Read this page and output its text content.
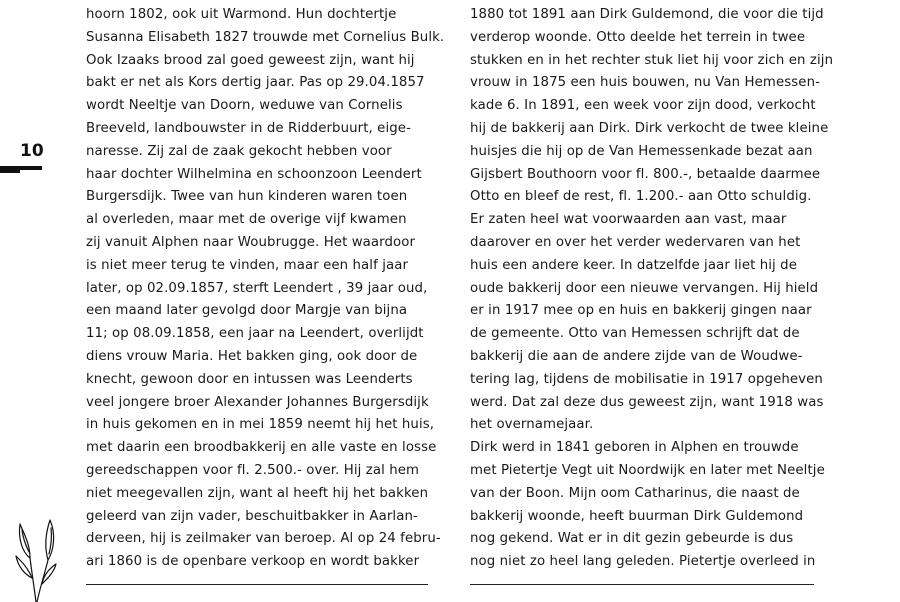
10
hoorn 1802, ook uit Warmond. Hun dochtertje
Susanna Elisabeth 1827 trouwde met Cornelius Bulk.
Ook Izaaks brood zal goed geweest zijn, want hij
bakt er net als Kors dertig jaar. Pas op 29.04.1857
wordt Neeltje van Doorn, weduwe van Cornelis
Breeveld, landbouwster in de Ridderbuurt, eige-
naresse. Zij zal de zaak gekocht hebben voor
haar dochter Wilhelmina en schoonzoon Leendert
Burgersdijk. Twee van hun kinderen waren toen
al overleden, maar met de overige vijf kwamen
zij vanuit Alphen naar Woubrugge. Het waardoor
is niet meer terug te vinden, maar een half jaar
later, op 02.09.1857, sterft Leendert , 39 jaar oud,
een maand later gevolgd door Margje van bijna
11; op 08.09.1858, een jaar na Leendert, overlijdt
diens vrouw Maria. Het bakken ging, ook door de
knecht, gewoon door en intussen was Leenderts
veel jongere broer Alexander Johannes Burgersdijk
in huis gekomen en in mei 1859 neemt hij het huis,
met daarin een broodbakkerij en alle vaste en losse
gereedschappen voor fl. 2.500.- over. Hij zal hem
niet meegevallen zijn, want al heeft hij het bakken
geleerd van zijn vader, beschuitbakker in Aarlan-
derveen, hij is zeilmaker van beroep. Al op 24 febru-
ari 1860 is de openbare verkoop en wordt bakker
1880 tot 1891 aan Dirk Guldemond, die voor die tijd
verderop woonde. Otto deelde het terrein in twee
stukken en in het rechter stuk liet hij voor zich en zijn
vrouw in 1875 een huis bouwen, nu Van Hemessen-
kade 6. In 1891, een week voor zijn dood, verkocht
hij de bakkerij aan Dirk. Dirk verkocht de twee kleine
huisjes die hij op de Van Hemessenkade bezat aan
Gijsbert Bouthoorn voor fl. 800.-, betaalde daarmee
Otto en bleef de rest, fl. 1.200.- aan Otto schuldig.
Er zaten heel wat voorwaarden aan vast, maar
daarover en over het verder wedervaren van het
huis een andere keer. In datzelfde jaar liet hij de
oude bakkerij door een nieuwe vervangen. Hij hield
er in 1917 mee op en huis en bakkerij gingen naar
de gemeente. Otto van Hemessen schrijft dat de
bakkerij die aan de andere zijde van de Woudwe-
tering lag, tijdens de mobilisatie in 1917 opgeheven
werd. Dat zal deze dus geweest zijn, want 1918 was
het overnamejaar.
Dirk werd in 1841 geboren in Alphen en trouwde
met Pietertje Vegt uit Noordwijk en later met Neeltje
van der Boon. Mijn oom Catharinus, die naast de
bakkerij woonde, heeft buurman Dirk Guldemond
nog gekend. Wat er in dit gezin gebeurde is dus
nog niet zo heel lang geleden. Pietertje overleed in
